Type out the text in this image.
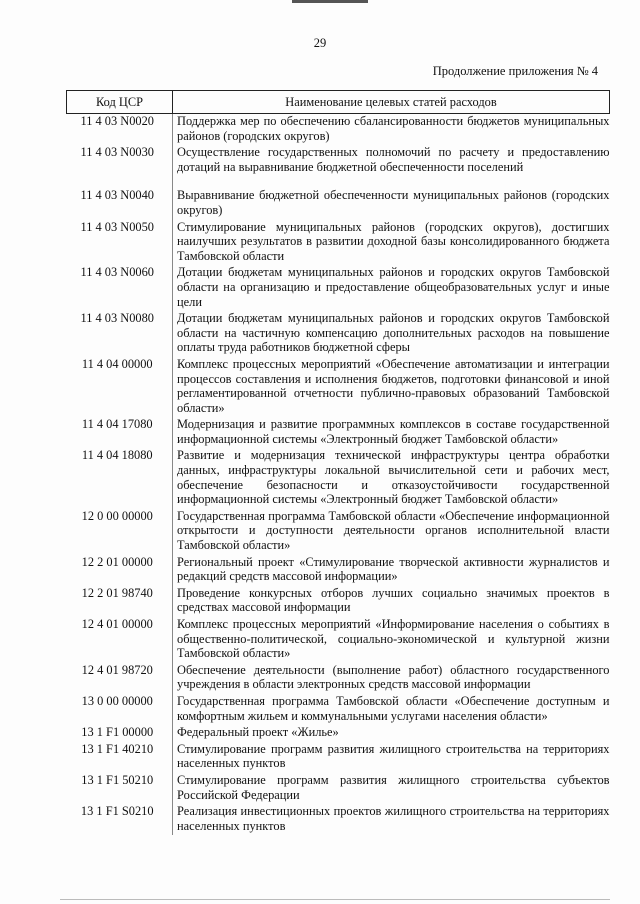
29
Продолжение приложения № 4
Код ЦСР	Наименование целевых статей расходов
11 4 03 N0020	Поддержка мер по обеспечению сбалансированности бюджетов муниципальных районов (городских округов)
11 4 03 N0030	Осуществление государственных полномочий по расчету и предоставлению дотаций на выравнивание бюджетной обеспеченности поселений
11 4 03 N0040	Выравнивание бюджетной обеспеченности муниципальных районов (городских округов)
11 4 03 N0050	Стимулирование муниципальных районов (городских округов), достигших наилучших результатов в развитии доходной базы консолидированного бюджета Тамбовской области
11 4 03 N0060	Дотации бюджетам муниципальных районов и городских округов Тамбовской области на организацию и предоставление общеобразовательных услуг и иные цели
11 4 03 N0080	Дотации бюджетам муниципальных районов и городских округов Тамбовской области на частичную компенсацию дополнительных расходов на повышение оплаты труда работников бюджетной сферы
11 4 04 00000	Комплекс процессных мероприятий «Обеспечение автоматизации и интеграции процессов составления и исполнения бюджетов, подготовки финансовой и иной регламентированной отчетности публично-правовых образований Тамбовской области»
11 4 04 17080	Модернизация и развитие программных комплексов в составе государственной информационной системы «Электронный бюджет Тамбовской области»
11 4 04 18080	Развитие и модернизация технической инфраструктуры центра обработки данных, инфраструктуры локальной вычислительной сети и рабочих мест, обеспечение безопасности и отказоустойчивости государственной информационной системы «Электронный бюджет Тамбовской области»
12 0 00 00000	Государственная программа Тамбовской области «Обеспечение информационной открытости и доступности деятельности органов исполнительной власти Тамбовской области»
12 2 01 00000	Региональный проект «Стимулирование творческой активности журналистов и редакций средств массовой информации»
12 2 01 98740	Проведение конкурсных отборов лучших социально значимых проектов в средствах массовой информации
12 4 01 00000	Комплекс процессных мероприятий «Информирование населения о событиях в общественно-политической, социально-экономической и культурной жизни Тамбовской области»
12 4 01 98720	Обеспечение деятельности (выполнение работ) областного государственного учреждения в области электронных средств массовой информации
13 0 00 00000	Государственная программа Тамбовской области «Обеспечение доступным и комфортным жильем и коммунальными услугами населения области»
13 1 F1 00000	Федеральный проект «Жилье»
13 1 F1 40210	Стимулирование программ развития жилищного строительства на территориях населенных пунктов
13 1 F1 50210	Стимулирование программ развития жилищного строительства субъектов Российской Федерации
13 1 F1 S0210	Реализация инвестиционных проектов жилищного строительства на территориях населенных пунктов
